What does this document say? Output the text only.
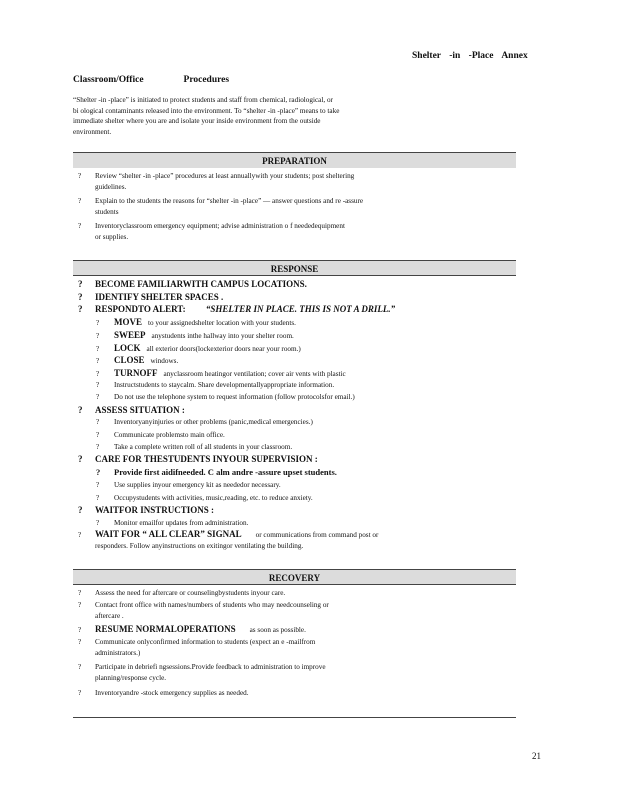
Shelter -in -Place Annex
Classroom/Office	Procedures
“Shelter -in -place” is initiated to protect students and staff from chemical, radiological, or
bi ological contaminants released into the environment. To “shelter -in -place” means to take
immediate shelter where you are and isolate your inside environment from the outside
environment.
PREPARATION
? Review “shelter -in -place” procedures at least annuallywith your students; post sheltering
guidelines.
? Explain to the students the reasons for “shelter -in -place” — answer questions and re -assure
students
? Inventoryclassroom emergency equipment; advise administration o f neededequipment
or supplies.
RESPONSE
? BECOME FAMILIARWITH CAMPUS LOCATIONS.
? IDENTIFY SHELTER SPACES .
? RESPONDTO ALERT: “SHELTER IN PLACE. THIS IS NOT A DRILL.”
? MOVE to your assignedshelter location with your students.
? SWEEP anystudents inthe hallway into your shelter room.
? LOCK all exterior doors(lockexterior doors near your room.)
? CLOSE windows.
? TURNOFF anyclassroom heatingor ventilation; cover air vents with plastic
? Instructstudents to staycalm. Share developmentallyappropriate information.
? Do not use the telephone system to request information (follow protocolsfor email.)
? ASSESS SITUATION :
? Inventoryanyinjuries or other problems (panic,medical emergencies.)
? Communicate problemsto main office.
? Take a complete written roll of all students in your classroom.
? CARE FOR THESTUDENTS INYOUR SUPERVISION :
? Provide first aidifneeded. C alm andre -assure upset students.
? Use supplies inyour emergency kit as neededor necessary.
? Occupystudents with activities, music,reading, etc. to reduce anxiety.
? WAITFOR INSTRUCTIONS :
? Monitor emailfor updates from administration.
? WAIT FOR “ ALL CLEAR” SIGNAL or communications from command post or
responders. Follow anyinstructions on exitingor ventilating the building.
RECOVERY
? Assess the need for aftercare or counselingbystudents inyour care.
? Contact front office with names/numbers of students who may needcounseling or
aftercare .
? RESUME NORMALOPERATIONS as soon as possible.
? Communicate onlyconfirmed information to students (expect an e -mailfrom
administrators.)
? Participate in debriefi ngsessions.Provide feedback to administration to improve
planning/response cycle.
? Inventoryandre -stock emergency supplies as needed.
21
